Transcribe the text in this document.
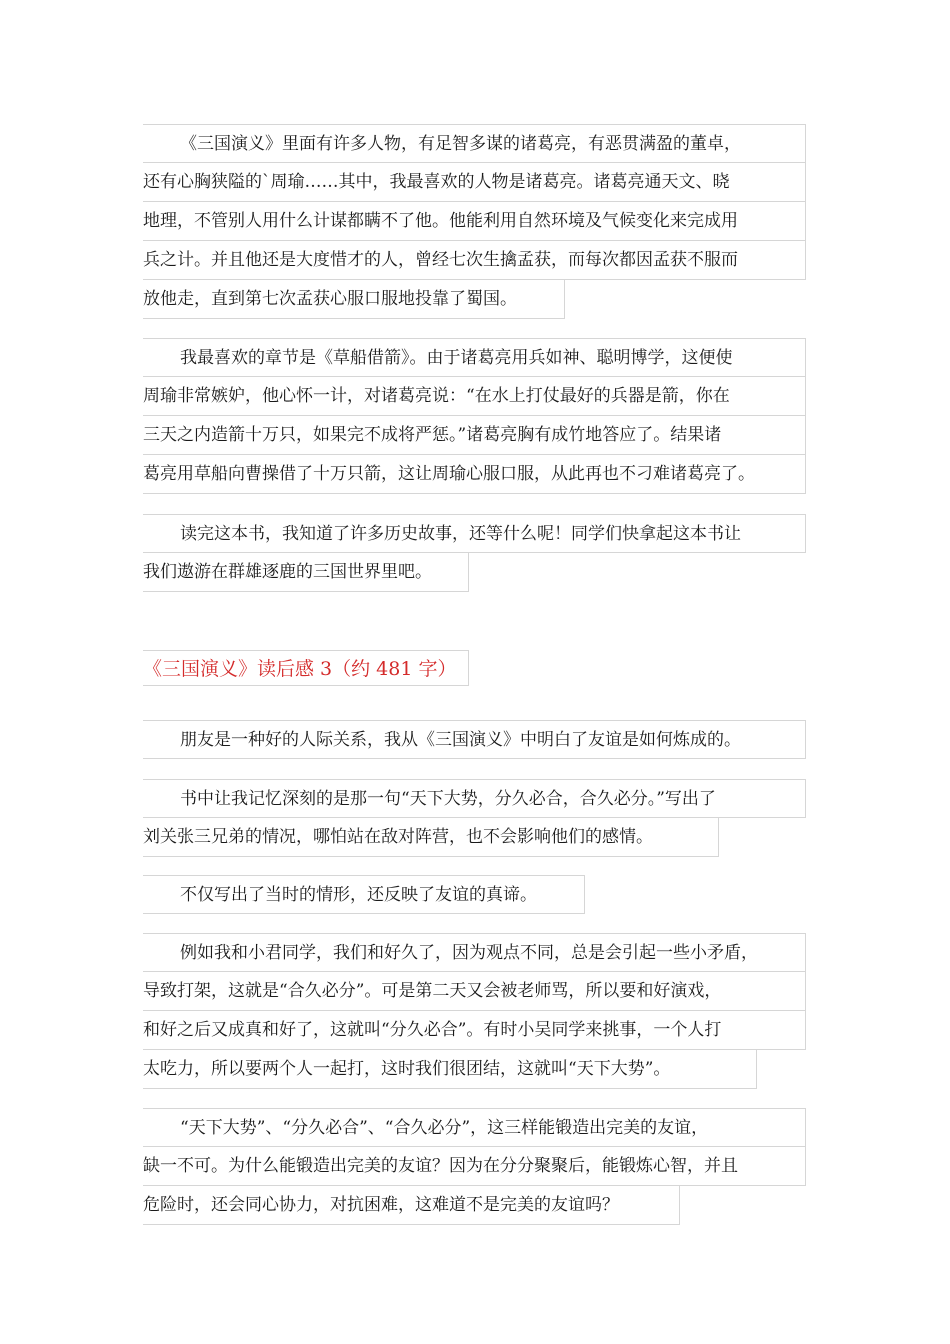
《三国演义》里面有许多人物，有足智多谋的诸葛亮，有恶贯满盈的董卓，
还有心胸狭隘的`周瑜……其中，我最喜欢的人物是诸葛亮。诸葛亮通天文、晓
地理，不管别人用什么计谋都瞒不了他。他能利用自然环境及气候变化来完成用
兵之计。并且他还是大度惜才的人，曾经七次生擒孟获，而每次都因孟获不服而
放他走，直到第七次孟获心服口服地投靠了蜀国。
我最喜欢的章节是《草船借箭》。由于诸葛亮用兵如神、聪明博学，这便使
周瑜非常嫉妒，他心怀一计，对诸葛亮说：“在水上打仗最好的兵器是箭，你在
三天之内造箭十万只，如果完不成将严惩。”诸葛亮胸有成竹地答应了。结果诸
葛亮用草船向曹操借了十万只箭，这让周瑜心服口服，从此再也不刁难诸葛亮了。
读完这本书，我知道了许多历史故事，还等什么呢！同学们快拿起这本书让
我们遨游在群雄逐鹿的三国世界里吧。
《三国演义》读后感 3（约 481 字）
朋友是一种好的人际关系，我从《三国演义》中明白了友谊是如何炼成的。
书中让我记忆深刻的是那一句“天下大势，分久必合，合久必分。”写出了
刘关张三兄弟的情况，哪怕站在敌对阵营，也不会影响他们的感情。
不仅写出了当时的情形，还反映了友谊的真谛。
例如我和小君同学，我们和好久了，因为观点不同，总是会引起一些小矛盾，
导致打架，这就是“合久必分”。可是第二天又会被老师骂，所以要和好演戏，
和好之后又成真和好了，这就叫“分久必合”。有时小吴同学来挑事，一个人打
太吃力，所以要两个人一起打，这时我们很团结，这就叫“天下大势”。
“天下大势”、“分久必合”、“合久必分”，这三样能锻造出完美的友谊，
缺一不可。为什么能锻造出完美的友谊？因为在分分聚聚后，能锻炼心智，并且
危险时，还会同心协力，对抗困难，这难道不是完美的友谊吗？
